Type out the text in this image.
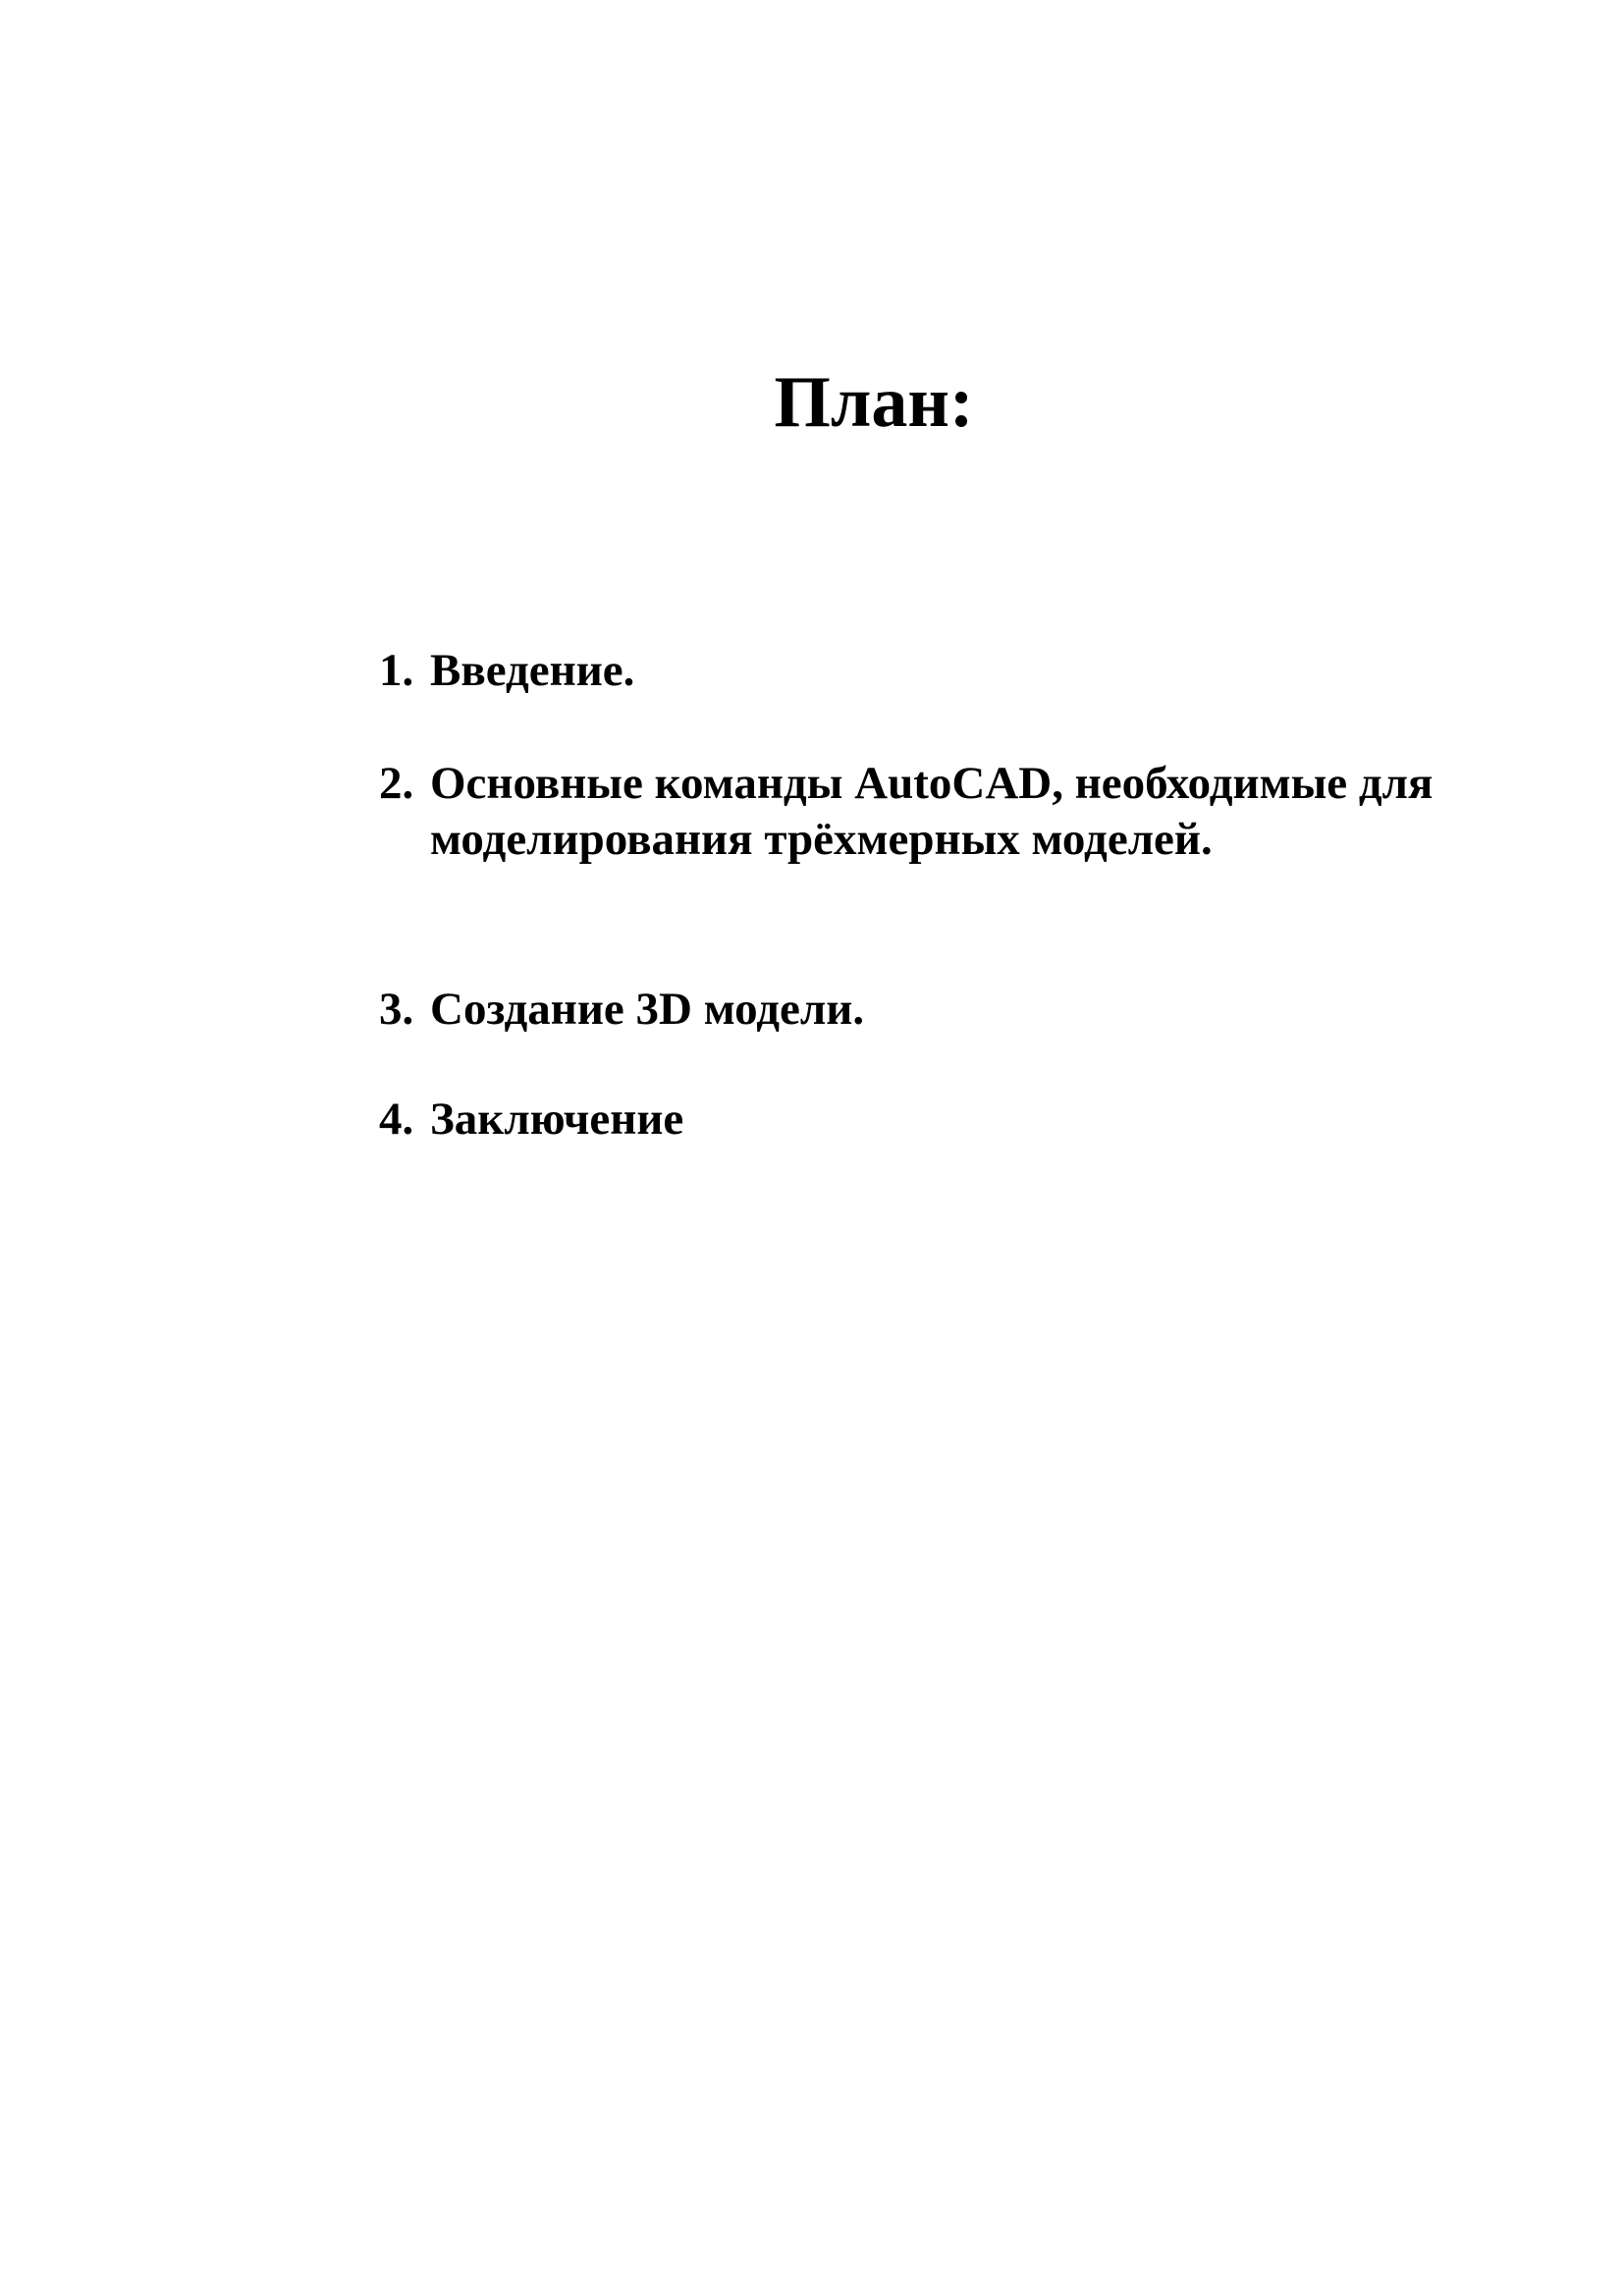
План:
1. Введение.
2. Основные команды AutoCAD, необходимые для моделирования трёхмерных моделей.
3. Создание 3D модели.
4. Заключение
